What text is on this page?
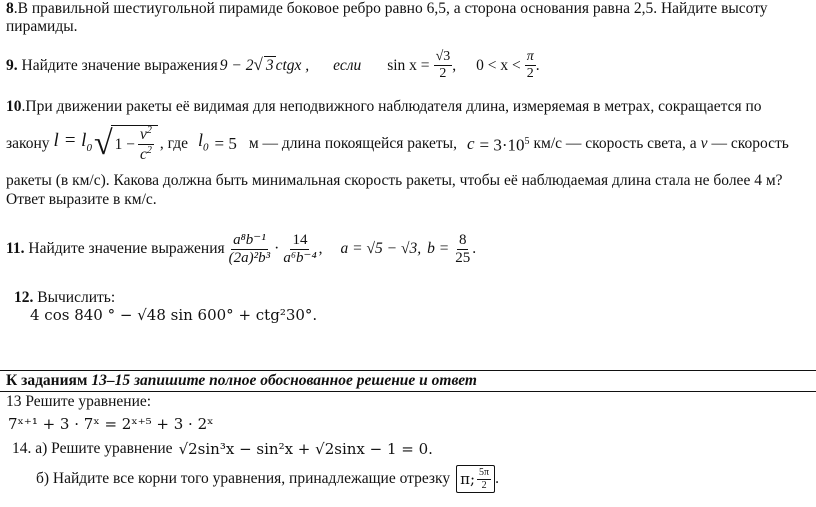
8.В правильной шестиугольной пирамиде боковое ребро равно 6,5, а сторона основания равна 2,5. Найдите высоту
пирамиды.
9.
Найдите значение выражения 9 − 2√ 3 ctgx , если $\sin x = \frac{√3}{2}$ , $0 < x < \frac{\pi}{2}$ .
10.При движении ракеты её видимая для неподвижного наблюдателя длина, измеряемая в метрах, сокращается по
закону $l = l_0$ √ $1 - \frac{v^2}{c^2}$ , где $l_0 = 5$ м — длина покоящейся ракеты, $c = 3\cdot 10^5$ км/с — скорость света, а v — скорость
ракеты (в км/с). Какова должна быть минимальная скорость ракеты, чтобы её наблюдаемая длина стала не более 4 м?
Ответ выразите в км/с.
11.
Найдите значение выражения $\frac{\text{a⁸b⁻¹}}{\text{(2a)²b³}} \cdot \frac{14}{\text{a⁶b⁻⁴}}$ , a = √5 − √3, $b = \frac{8}{25}$ .
12. Вычислить:
4 cos 840 ° − √48 sin 600° + ctg²30°.
К заданиям 13–15 запишите полное обоснованное решение и ответ
13 Решите уравнение:
7ˣ⁺¹ + 3 · 7ˣ = 2ˣ⁺⁵ + 3 · 2ˣ
14. а) Решите уравнение √2sin³x − sin²x + √2sinx − 1 = 0.
б) Найдите все корни того уравнения, принадлежащие отрезку π; $\frac{5\pi}{2}$ .
